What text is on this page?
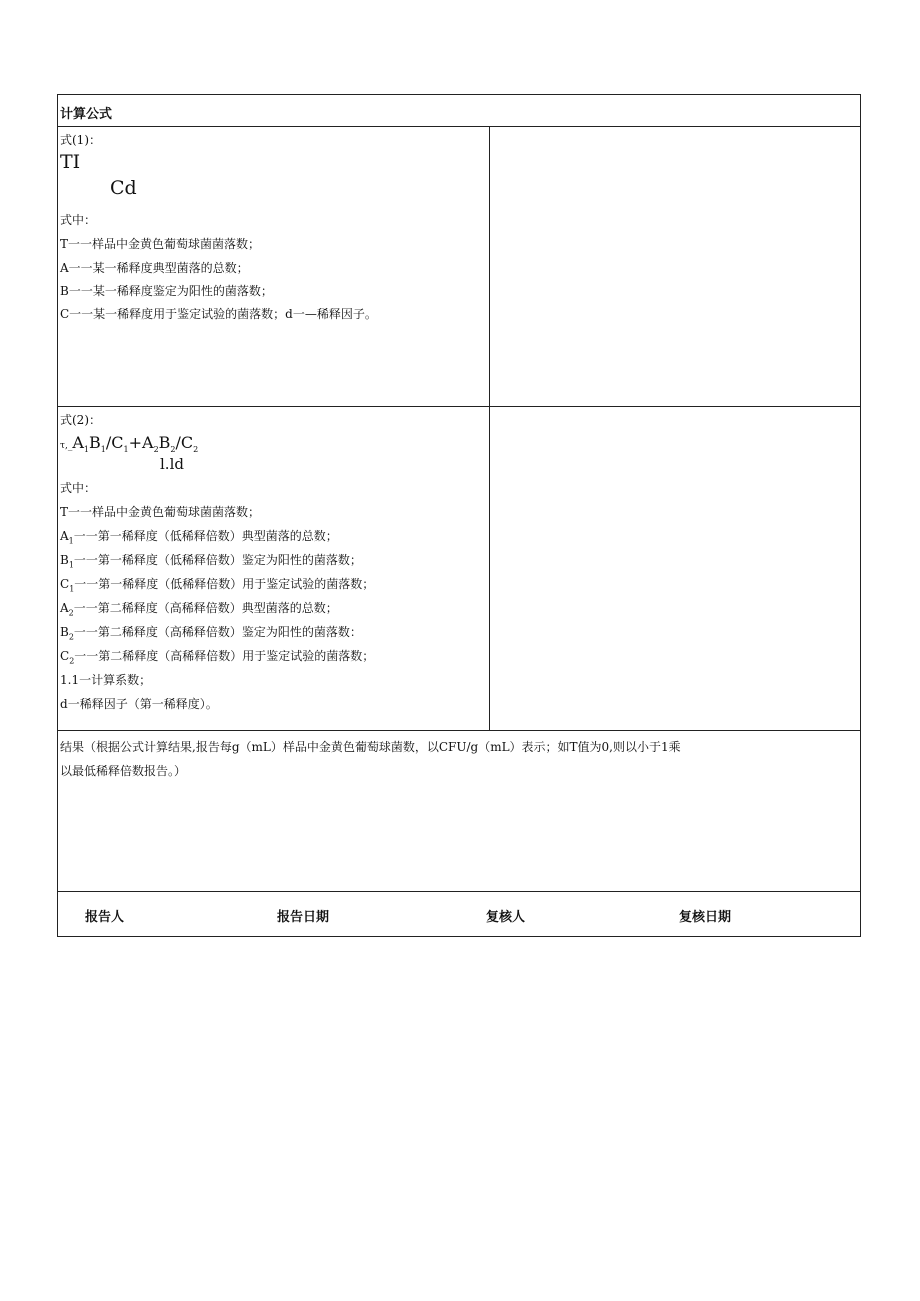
计算公式
式(1)：
TI
Cd
式中：
T一一样品中金黄色葡萄球菌菌落数；
A一一某一稀释度典型菌落的总数；
B一一某一稀释度鉴定为阳性的菌落数；
C一一某一稀释度用于鉴定试验的菌落数；d一—稀释因子。
式(2)：
$\tau,\_A_1B_1/C_1+A_2B_2/C_2$
l.ld
式中：
T一一样品中金黄色葡萄球菌菌落数；
$A_1$一一第一稀释度（低稀释倍数）典型菌落的总数；
$B_1$一一第一稀释度（低稀释倍数）鉴定为阳性的菌落数；
$C_1$一一第一稀释度（低稀释倍数）用于鉴定试验的菌落数；
$A_2$一一第二稀释度（高稀释倍数）典型菌落的总数；
$B_2$一一第二稀释度（高稀释倍数）鉴定为阳性的菌落数：
$C_2$一一第二稀释度（高稀释倍数）用于鉴定试验的菌落数；
1.1一计算系数；
d一稀释因子（第一稀释度）。
结果（根据公式计算结果,报告每g（mL）样品中金黄色葡萄球菌数，以CFU/g（mL）表示；如T值为0,则以小于1乘
以最低稀释倍数报告。）
报告人	报告日期	复核人	复核日期
